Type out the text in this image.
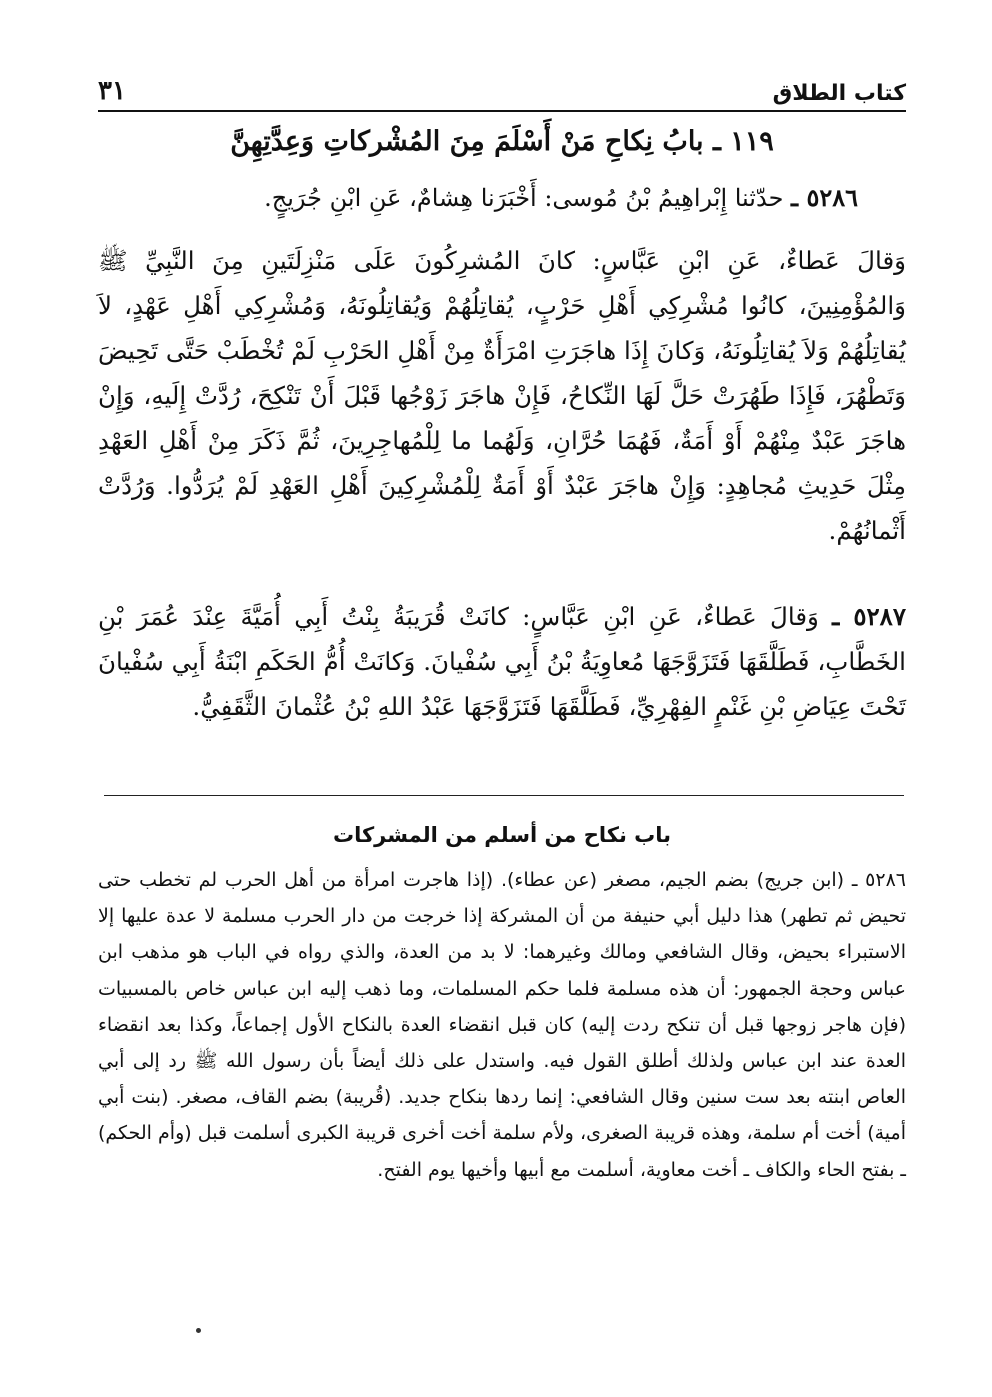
كتاب الطلاق
٣١
١١٩ ـ بابُ نِكاحِ مَنْ أَسْلَمَ مِنَ المُشْركاتِ وَعِدَّتِهِنَّ
٥٢٨٦ ـ حدّثنا إِبْراهِيمُ بْنُ مُوسى: أَخْبَرَنا هِشامٌ، عَنِ ابْنِ جُرَيجٍ.
وَقالَ عَطاءٌ، عَنِ ابْنِ عَبَّاسٍ: كانَ المُشرِكُونَ عَلَى مَنْزِلَتَينِ مِنَ النَّبِيِّ ﷺ وَالمُؤْمِنِينَ، كانُوا مُشْرِكِي أَهْلِ حَرْبٍ، يُقاتِلُهُمْ وَيُقاتِلُونَهُ، وَمُشْرِكِي أَهْلِ عَهْدٍ، لاَ يُقاتِلُهُمْ وَلاَ يُقاتِلُونَهُ، وَكانَ إِذَا هاجَرَتِ امْرَأَةٌ مِنْ أَهْلِ الحَرْبِ لَمْ تُخْطَبْ حَتَّى تَحِيضَ وَتَطْهُرَ، فَإِذَا طَهُرَتْ حَلَّ لَهَا النِّكاحُ، فَإِنْ هاجَرَ زَوْجُها قَبْلَ أَنْ تَنْكِحَ، رُدَّتْ إِلَيهِ، وَإِنْ هاجَرَ عَبْدٌ مِنْهُمْ أَوْ أَمَةٌ، فَهُمَا حُرَّانِ، وَلَهُما ما لِلْمُهاجِرِينَ، ثُمَّ ذَكَرَ مِنْ أَهْلِ العَهْدِ مِثْلَ حَدِيثِ مُجاهِدٍ: وَإِنْ هاجَرَ عَبْدٌ أَوْ أَمَةٌ لِلْمُشْرِكِينَ أَهْلِ العَهْدِ لَمْ يُرَدُّوا. وَرُدَّتْ أَثْمانُهُمْ.
٥٢٨٧ ـ وَقالَ عَطاءٌ، عَنِ ابْنِ عَبَّاسٍ: كانَتْ قُرَيبَةُ بِنْتُ أَبِي أُمَيَّةَ عِنْدَ عُمَرَ بْنِ الخَطَّابِ، فَطَلَّقَهَا فَتَزَوَّجَهَا مُعاوِيَةُ بْنُ أَبِي سُفْيانَ. وَكانَتْ أُمُّ الحَكَمِ ابْنَةُ أَبِي سُفْيانَ تَحْتَ عِيَاضِ بْنِ غَنْمٍ الفِهْرِيِّ، فَطَلَّقَهَا فَتَزَوَّجَهَا عَبْدُ اللهِ بْنُ عُثْمانَ الثَّقَفِيُّ.
باب نكاح من أسلم من المشركات
٥٢٨٦ ـ (ابن جريج) بضم الجيم، مصغر (عن عطاء). (إذا هاجرت امرأة من أهل الحرب لم تخطب حتى تحيض ثم تطهر) هذا دليل أبي حنيفة من أن المشركة إذا خرجت من دار الحرب مسلمة لا عدة عليها إلا الاستبراء بحيض، وقال الشافعي ومالك وغيرهما: لا بد من العدة، والذي رواه في الباب هو مذهب ابن عباس وحجة الجمهور: أن هذه مسلمة فلما حكم المسلمات، وما ذهب إليه ابن عباس خاص بالمسبيات (فإن هاجر زوجها قبل أن تنكح ردت إليه) كان قبل انقضاء العدة بالنكاح الأول إجماعاً، وكذا بعد انقضاء العدة عند ابن عباس ولذلك أطلق القول فيه. واستدل على ذلك أيضاً بأن رسول الله ﷺ رد إلى أبي العاص ابنته بعد ست سنين وقال الشافعي: إنما ردها بنكاح جديد. (قُريبة) بضم القاف، مصغر. (بنت أبي أمية) أخت أم سلمة، وهذه قريبة الصغرى، ولأم سلمة أخت أخرى قريبة الكبرى أسلمت قبل (وأم الحكم) ـ بفتح الحاء والكاف ـ أخت معاوية، أسلمت مع أبيها وأخيها يوم الفتح.
